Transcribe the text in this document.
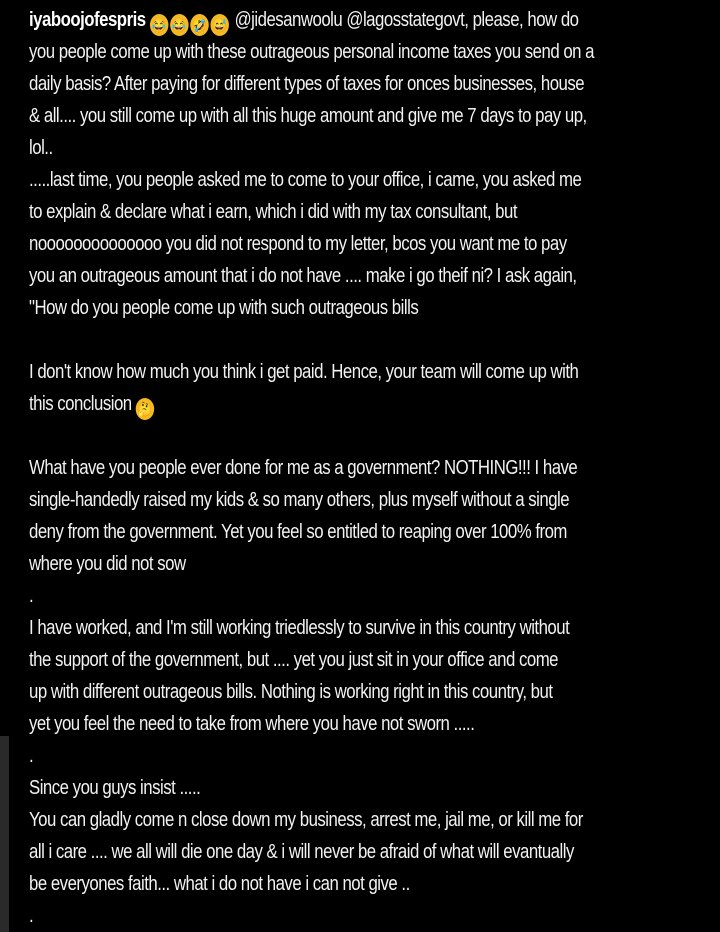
iyaboojofespris 😂 😂 🤣 😅 @jidesanwoolu @lagosstategovt, please, how do
you people come up with these outrageous personal income taxes you send on a
daily basis? After paying for different types of taxes for onces businesses, house
& all.... you still come up with all this huge amount and give me 7 days to pay up,
lol..
.....last time, you people asked me to come to your office, i came, you asked me
to explain & declare what i earn, which i did with my tax consultant, but
noooooooooooooo you did not respond to my letter, bcos you want me to pay
you an outrageous amount that i do not have .... make i go theif ni? I ask again,
"How do you people come up with such outrageous bills
I don't know how much you think i get paid. Hence, your team will come up with
this conclusion 🤔
What have you people ever done for me as a government? NOTHING!!! I have
single-handedly raised my kids & so many others, plus myself without a single
deny from the government. Yet you feel so entitled to reaping over 100% from
where you did not sow
.
I have worked, and I'm still working triedlessly to survive in this country without
the support of the government, but .... yet you just sit in your office and come
up with different outrageous bills. Nothing is working right in this country, but
yet you feel the need to take from where you have not sworn .....
.
Since you guys insist .....
You can gladly come n close down my business, arrest me, jail me, or kill me for
all i care .... we all will die one day & i will never be afraid of what will evantually
be everyones faith... what i do not have i can not give ..
.
